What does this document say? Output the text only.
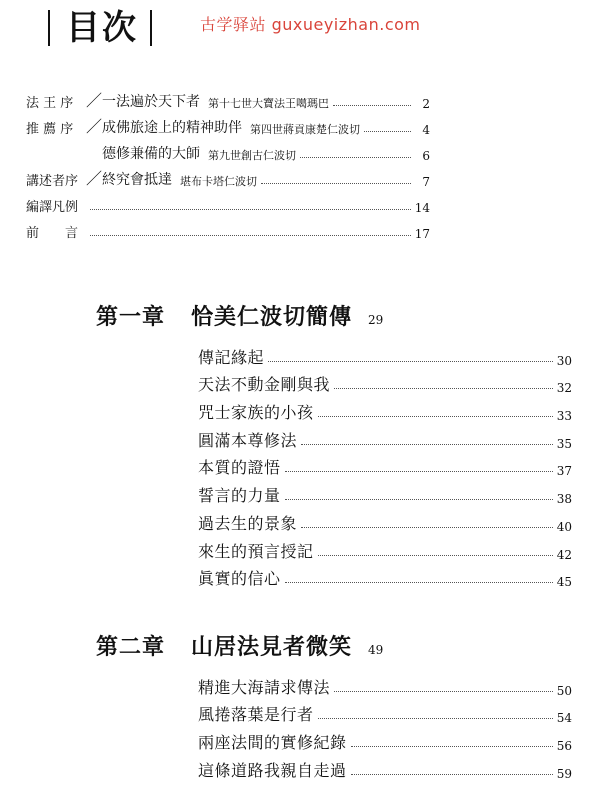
目次	古学驿站 guxueyizhan.com
法 王 序 ／ 一法遍於天下者 第十七世大寶法王噶瑪巴	2
推 薦 序 ／ 成佛旅途上的精神助伴 第四世蔣貢康楚仁波切	4
德修兼備的大師 第九世創古仁波切	6
講述者序 ／ 終究會抵達 堪布卡塔仁波切	7
編譯凡例	14
前　　言	17
第一章 恰美仁波切簡傳 29
傳記緣起	30
天法不動金剛與我	32
咒士家族的小孩	33
圓滿本尊修法	35
本質的證悟	37
誓言的力量	38
過去生的景象	40
來生的預言授記	42
眞實的信心	45
第二章 山居法見者微笑 49
精進大海請求傳法	50
風捲落葉是行者	54
兩座法間的實修紀錄	56
這條道路我親自走過	59
